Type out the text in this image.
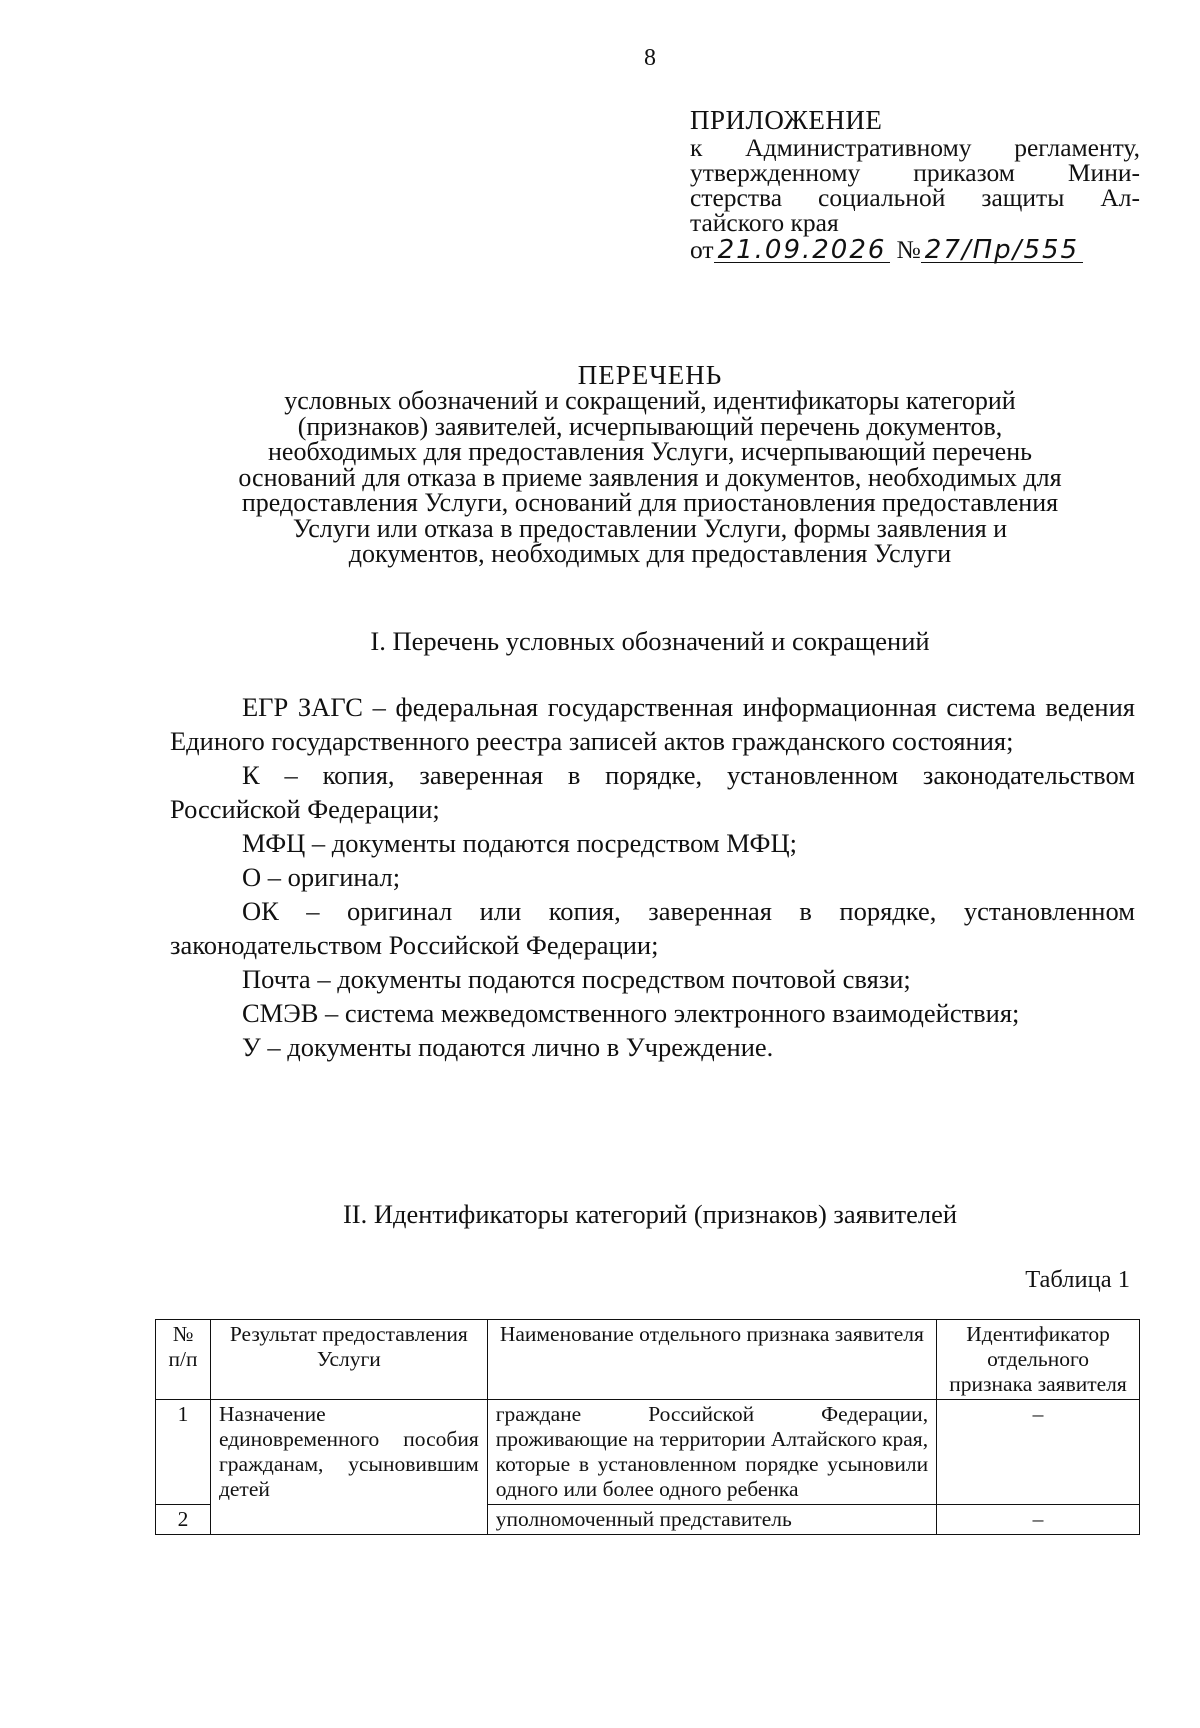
8
ПРИЛОЖЕНИЕ
к Административному регламенту,
утвержденному приказом Мини-
стерства социальной защиты Ал-
тайского края
от 21.09.2026 № 27/Пр/555
ПЕРЕЧЕНЬ
условных обозначений и сокращений, идентификаторы категорий (признаков) заявителей, исчерпывающий перечень документов, необходимых для предоставления Услуги, исчерпывающий перечень оснований для отказа в приеме заявления и документов, необходимых для предоставления Услуги, оснований для приостановления предоставления Услуги или отказа в предоставлении Услуги, формы заявления и документов, необходимых для предоставления Услуги
I. Перечень условных обозначений и сокращений

ЕГР ЗАГС – федеральная государственная информационная система ведения Единого государственного реестра записей актов гражданского состояния;

К – копия, заверенная в порядке, установленном законодательством Российской Федерации;

МФЦ – документы подаются посредством МФЦ;

О – оригинал;

ОК – оригинал или копия, заверенная в порядке, установленном законодательством Российской Федерации;

Почта – документы подаются посредством почтовой связи;

СМЭВ – система межведомственного электронного взаимодействия;

У – документы подаются лично в Учреждение.

II. Идентификаторы категорий (признаков) заявителей
Таблица 1
№ п/п	Результат предоставления Услуги	Наименование отдельного признака заявителя	Идентификатор отдельного признака заявителя
1	Назначение единовременного пособия гражданам, усыновившим детей	граждане Российской Федерации, проживающие на территории Алтайского края, которые в установленном порядке усыновили одного или более одного ребенка	–
2		уполномоченный представитель	–
